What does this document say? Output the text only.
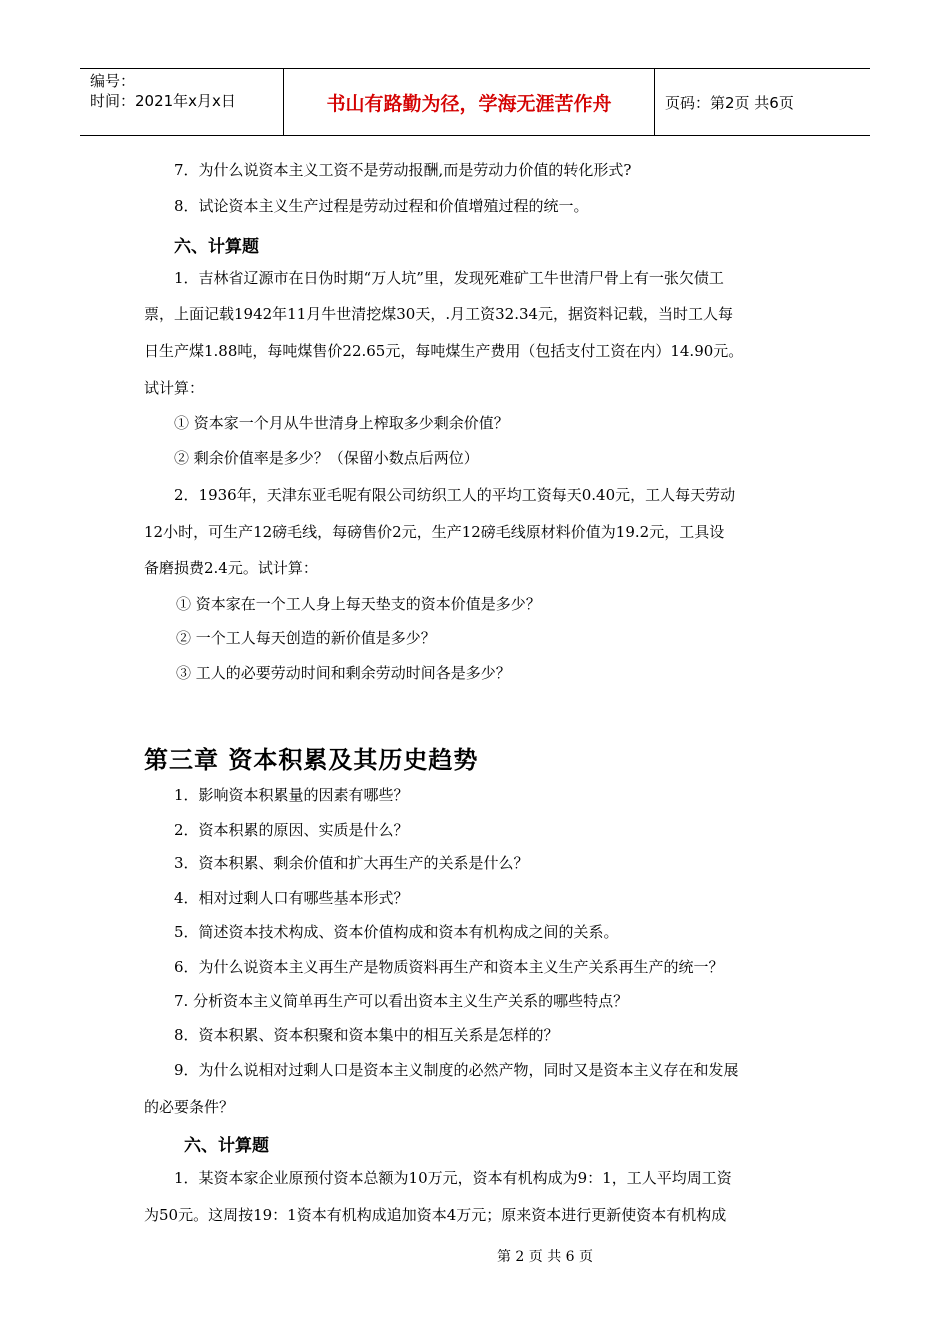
编号：
时间：2021年x月x日	书山有路勤为径，学海无涯苦作舟	页码：第2页 共6页
7．为什么说资本主义工资不是劳动报酬,而是劳动力价值的转化形式?
8．试论资本主义生产过程是劳动过程和价值增殖过程的统一。
六、计算题
1．吉林省辽源市在日伪时期“万人坑”里，发现死难矿工牛世清尸骨上有一张欠债工
票，上面记载1942年11月牛世清挖煤30天，.月工资32.34元，据资料记载，当时工人每
日生产煤1.88吨，每吨煤售价22.65元，每吨煤生产费用（包括支付工资在内）14.90元。
试计算：
① 资本家一个月从牛世清身上榨取多少剩余价值？
② 剩余价值率是多少？（保留小数点后两位）
2．1936年，天津东亚毛呢有限公司纺织工人的平均工资每天0.40元，工人每天劳动
12小时，可生产12磅毛线，每磅售价2元，生产12磅毛线原材料价值为19.2元，工具设
备磨损费2.4元。试计算：
① 资本家在一个工人身上每天垫支的资本价值是多少？
② 一个工人每天创造的新价值是多少？
③ 工人的必要劳动时间和剩余劳动时间各是多少？
第三章 资本积累及其历史趋势
1．影响资本积累量的因素有哪些？
2．资本积累的原因、实质是什么？
3．资本积累、剩余价值和扩大再生产的关系是什么？
4．相对过剩人口有哪些基本形式？
5．简述资本技术构成、资本价值构成和资本有机构成之间的关系。
6．为什么说资本主义再生产是物质资料再生产和资本主义生产关系再生产的统一？
7. 分析资本主义简单再生产可以看出资本主义生产关系的哪些特点？
8．资本积累、资本积聚和资本集中的相互关系是怎样的？
9．为什么说相对过剩人口是资本主义制度的必然产物，同时又是资本主义存在和发展
的必要条件？
六、计算题
1．某资本家企业原预付资本总额为10万元，资本有机构成为9：1，工人平均周工资
为50元。这周按19：1资本有机构成追加资本4万元；原来资本进行更新使资本有机构成
第 2 页 共 6 页
